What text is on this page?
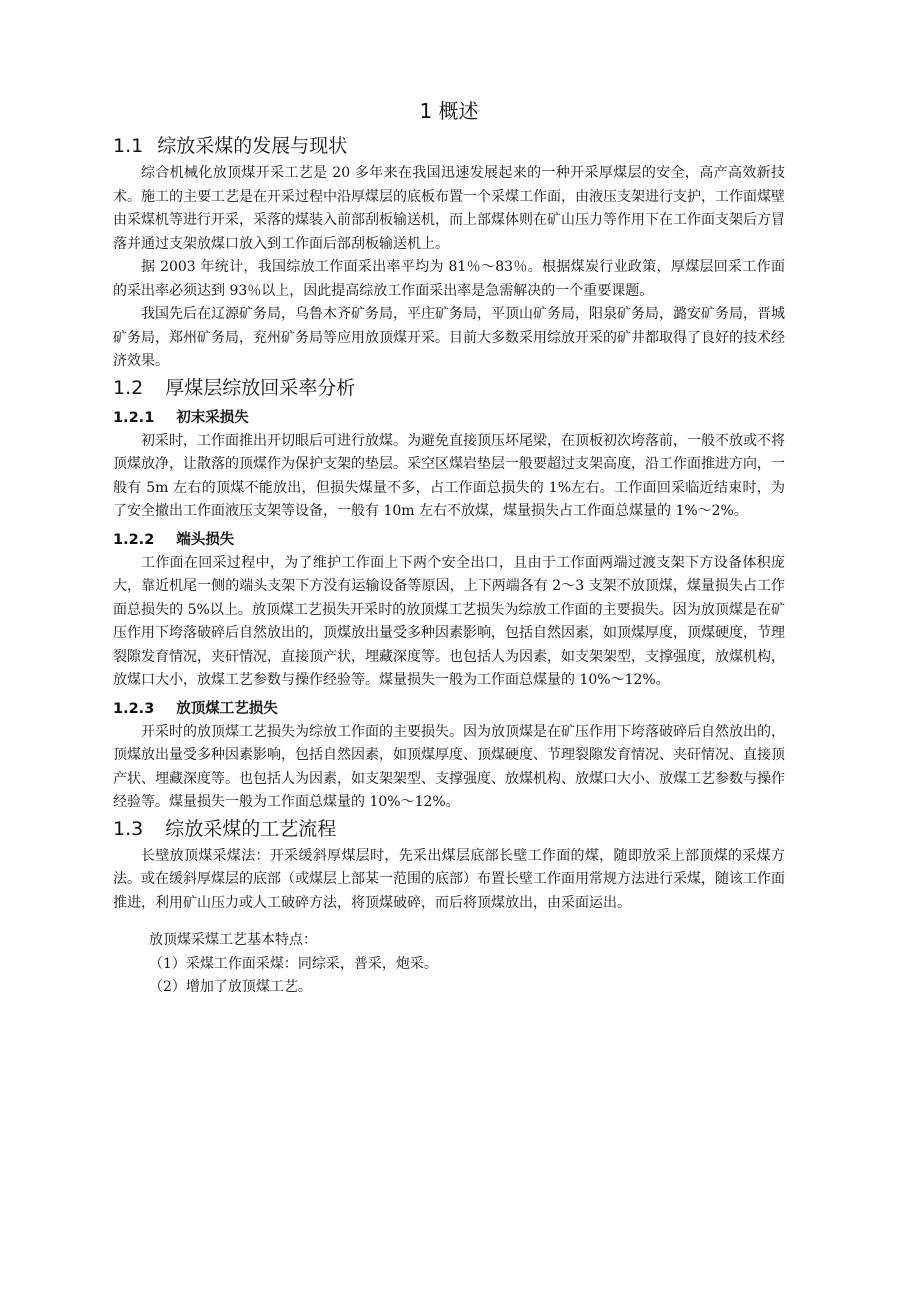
1 概述
1.1 综放采煤的发展与现状

综合机械化放顶煤开采工艺是 20 多年来在我国迅速发展起来的一种开采厚煤层的安全，高产高效新技术。施工的主要工艺是在开采过程中沿厚煤层的底板布置一个采煤工作面，由液压支架进行支护，工作面煤壁由采煤机等进行开采，采落的煤装入前部刮板输送机，而上部煤体则在矿山压力等作用下在工作面支架后方冒落并通过支架放煤口放入到工作面后部刮板输送机上。

据 2003 年统计，我国综放工作面采出率平均为 81％～83％。根据煤炭行业政策，厚煤层回采工作面的采出率必须达到 93％以上，因此提高综放工作面采出率是急需解决的一个重要课题。

我国先后在辽源矿务局，乌鲁木齐矿务局，平庄矿务局，平顶山矿务局，阳泉矿务局，潞安矿务局，晋城矿务局，郑州矿务局，兖州矿务局等应用放顶煤开采。目前大多数采用综放开采的矿井都取得了良好的技术经济效果。

1.2 厚煤层综放回采率分析
1.2.1 初末采损失

初采时，工作面推出开切眼后可进行放煤。为避免直接顶压坏尾梁，在顶板初次垮落前，一般不放或不将顶煤放净，让散落的顶煤作为保护支架的垫层。采空区煤岩垫层一般要超过支架高度，沿工作面推进方向，一般有 5m 左右的顶煤不能放出，但损失煤量不多，占工作面总损失的 1%左右。工作面回采临近结束时，为了安全撤出工作面液压支架等设备，一般有 10m 左右不放煤，煤量损失占工作面总煤量的 1%～2%。

1.2.2 端头损失

工作面在回采过程中，为了维护工作面上下两个安全出口，且由于工作面两端过渡支架下方设备体积庞大，靠近机尾一侧的端头支架下方没有运输设备等原因，上下两端各有 2～3 支架不放顶煤，煤量损失占工作面总损失的 5%以上。放顶煤工艺损失开采时的放顶煤工艺损失为综放工作面的主要损失。因为放顶煤是在矿压作用下垮落破碎后自然放出的，顶煤放出量受多种因素影响，包括自然因素，如顶煤厚度，顶煤硬度，节理裂隙发育情况，夹矸情况，直接顶产状，埋藏深度等。也包括人为因素，如支架架型，支撑强度，放煤机构，放煤口大小，放煤工艺参数与操作经验等。煤量损失一般为工作面总煤量的 10%～12%。

1.2.3 放顶煤工艺损失

开采时的放顶煤工艺损失为综放工作面的主要损失。因为放顶煤是在矿压作用下垮落破碎后自然放出的，顶煤放出量受多种因素影响，包括自然因素，如顶煤厚度、顶煤硬度、节理裂隙发育情况、夹矸情况、直接顶产状、埋藏深度等。也包括人为因素，如支架架型、支撑强度、放煤机构、放煤口大小、放煤工艺参数与操作经验等。煤量损失一般为工作面总煤量的 10%～12%。

1.3 综放采煤的工艺流程

长壁放顶煤采煤法：开采缓斜厚煤层时，先采出煤层底部长壁工作面的煤，随即放采上部顶煤的采煤方法。或在缓斜厚煤层的底部（或煤层上部某一范围的底部）布置长壁工作面用常规方法进行采煤，随该工作面推进，利用矿山压力或人工破碎方法，将顶煤破碎，而后将顶煤放出，由采面运出。

放顶煤采煤工艺基本特点：

（1）采煤工作面采煤：同综采，普采，炮采。

（2）增加了放顶煤工艺。
